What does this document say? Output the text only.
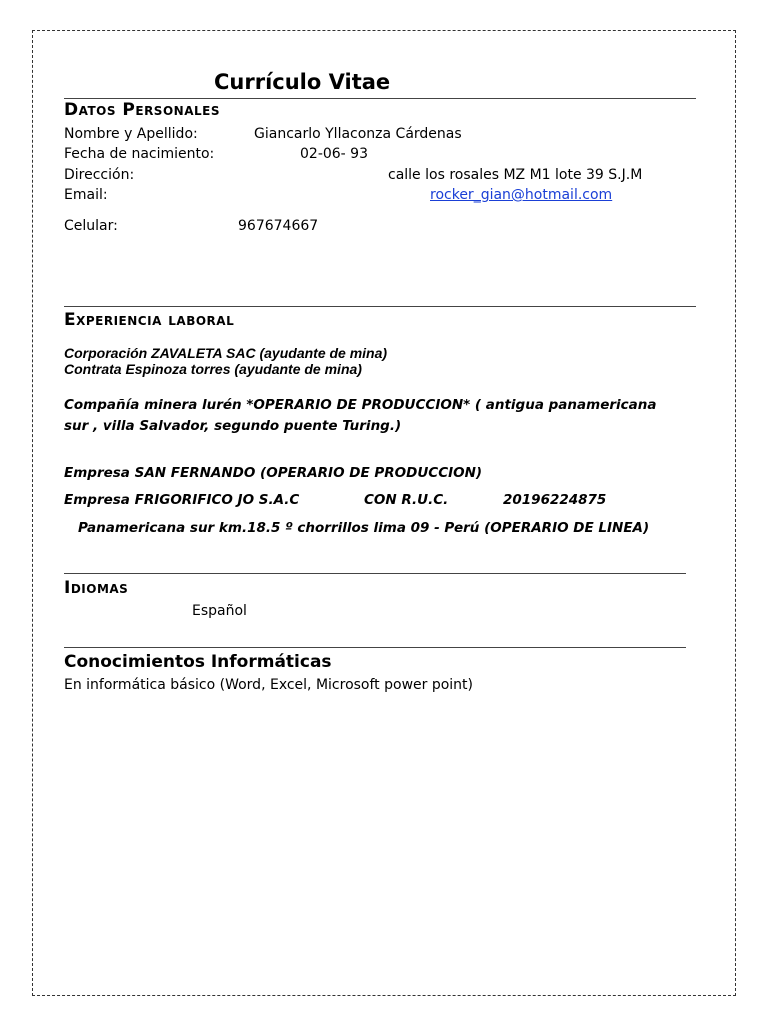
Currículo Vitae
Datos Personales
Nombre y Apellido:	Giancarlo Yllaconza Cárdenas
Fecha de nacimiento:	02-06- 93
Dirección:	calle los rosales MZ M1 lote 39 S.J.M
Email:	rocker_gian@hotmail.com
Celular:	967674667
Experiencia laboral
Corporación ZAVALETA SAC (ayudante de mina)
Contrata Espinoza torres (ayudante de mina)
Compañía minera lurén *OPERARIO DE PRODUCCION* ( antigua panamericana
sur , villa Salvador, segundo puente Turing.)
Empresa SAN FERNANDO (OPERARIO DE PRODUCCION)
Empresa FRIGORIFICO JO S.A.C	CON R.U.C.	20196224875
Panamericana sur km.18.5 º chorrillos lima 09 - Perú (OPERARIO DE LINEA)
Idiomas
Español
Conocimientos Informáticas
En informática básico (Word, Excel, Microsoft power point)
